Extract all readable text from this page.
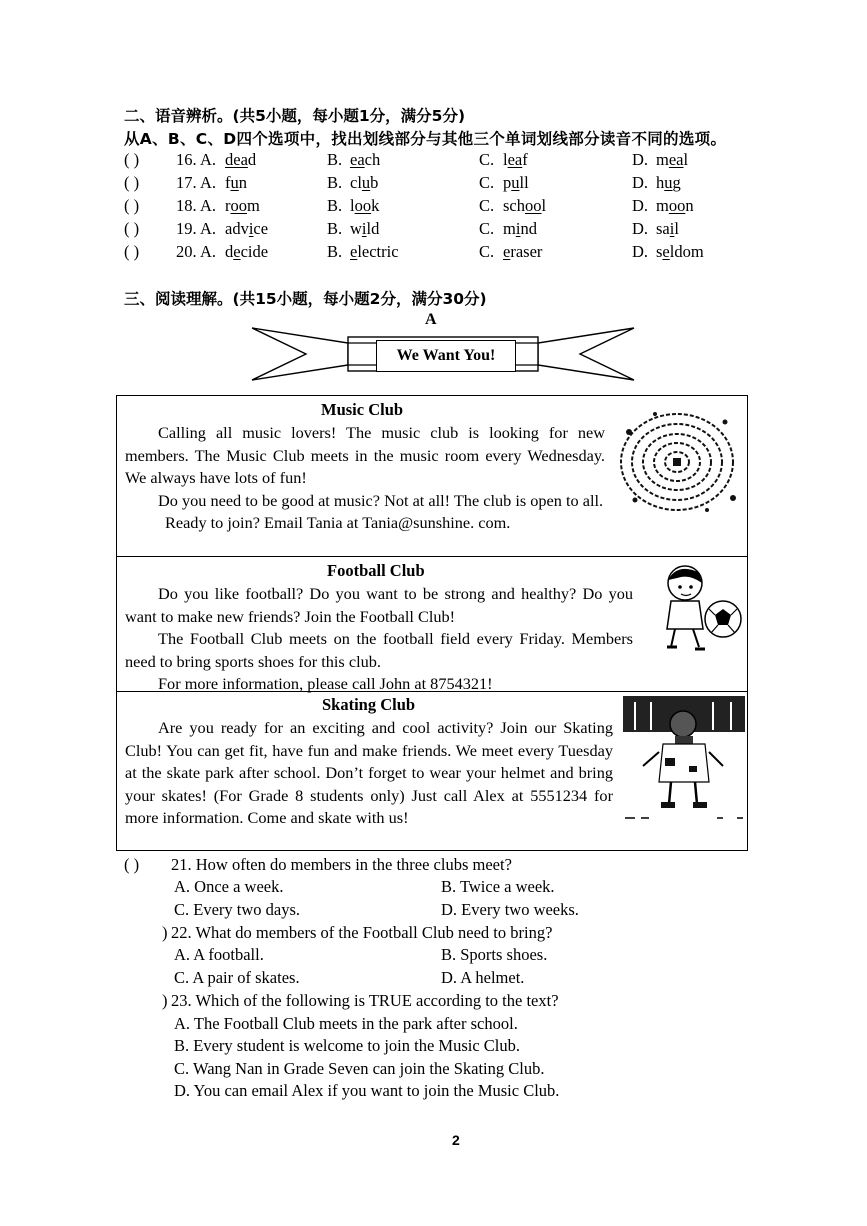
二、语音辨析。(共5小题，每小题1分，满分5分)
从A、B、C、D四个选项中，找出划线部分与其他三个单词划线部分读音不同的选项。
( ) 16. A. dead	B. each	C. leaf	D. meal
( ) 17. A. fun	B. club	C. pull	D. hug
( ) 18. A. room	B. look	C. school	D. moon
( ) 19. A. advice	B. wild	C. mind	D. sail
( ) 20. A. decide	B. electric	C. eraser	D. seldom
三、阅读理解。(共15小题，每小题2分，满分30分)
A
We Want You!
Music Club

Calling all music lovers! The music club is looking for new members. The Music Club meets in the music room every Wednesday. We always have lots of fun!

Do you need to be good at music? Not at all! The club is open to all.

Ready to join? Email Tania at Tania@sunshine. com.

Football Club

Do you like football? Do you want to be strong and healthy? Do you want to make new friends? Join the Football Club!

The Football Club meets on the football field every Friday. Members need to bring sports shoes for this club.

For more information, please call John at 8754321!

Skating Club

Are you ready for an exciting and cool activity? Join our Skating Club! You can get fit, have fun and make friends. We meet every Tuesday at the skate park after school. Don’t forget to wear your helmet and bring your skates! (For Grade 8 students only) Just call Alex at 5551234 for more information. Come and skate with us!

( ) 21. How often do members in the three clubs meet?
A. Once a week.	B. Twice a week.
C. Every two days.	D. Every two weeks.
) 22. What do members of the Football Club need to bring?
A. A football.	B. Sports shoes.
C. A pair of skates.	D. A helmet.
) 23. Which of the following is TRUE according to the text?
A. The Football Club meets in the park after school.
B. Every student is welcome to join the Music Club.
C. Wang Nan in Grade Seven can join the Skating Club.
D. You can email Alex if you want to join the Music Club.
2
